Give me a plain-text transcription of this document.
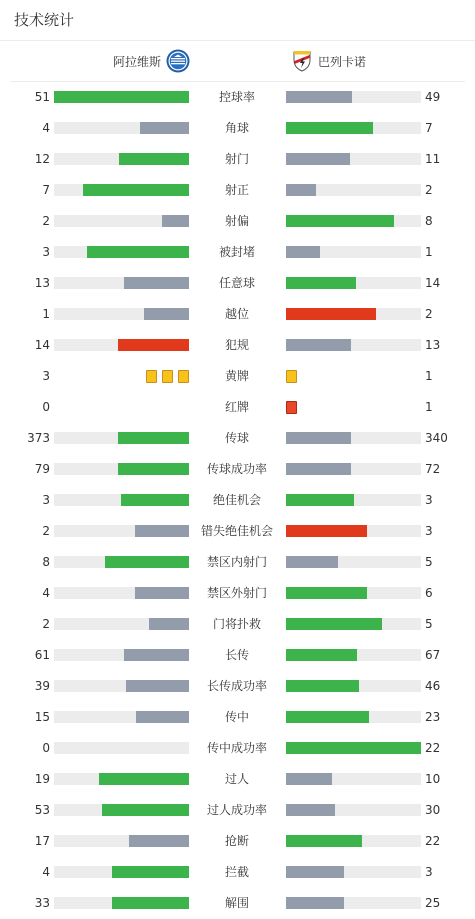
技术统计
阿拉维斯	巴列卡诺
51	控球率	49
4	角球	7
12	射门	11
7	射正	2
2	射偏	8
3	被封堵	1
13	任意球	14
1	越位	2
14	犯规	13
3	黄牌	1
0	红牌	1
373	传球	340
79	传球成功率	72
3	绝佳机会	3
2	错失绝佳机会	3
8	禁区内射门	5
4	禁区外射门	6
2	门将扑救	5
61	长传	67
39	长传成功率	46
15	传中	23
0	传中成功率	22
19	过人	10
53	过人成功率	30
17	抢断	22
4	拦截	3
33	解围	25
